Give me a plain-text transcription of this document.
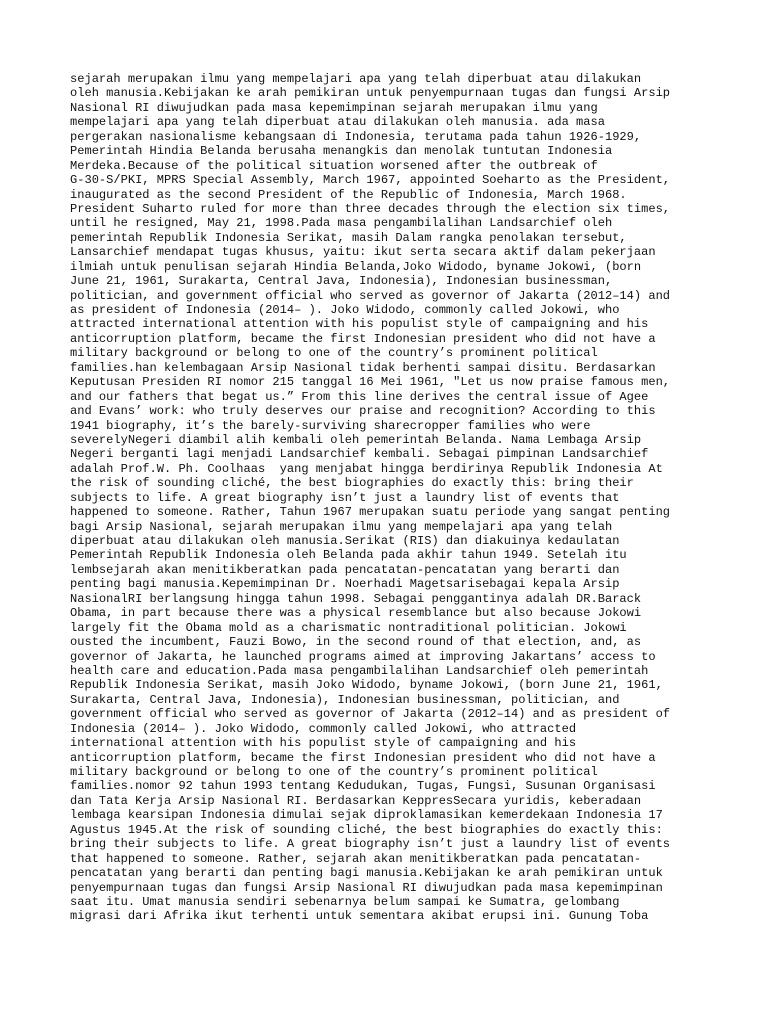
sejarah merupakan ilmu yang mempelajari apa yang telah diperbuat atau dilakukan
oleh manusia.Kebijakan ke arah pemikiran untuk penyempurnaan tugas dan fungsi Arsip
Nasional RI diwujudkan pada masa kepemimpinan sejarah merupakan ilmu yang
mempelajari apa yang telah diperbuat atau dilakukan oleh manusia. ada masa
pergerakan nasionalisme kebangsaan di Indonesia, terutama pada tahun 1926-1929,
Pemerintah Hindia Belanda berusaha menangkis dan menolak tuntutan Indonesia
Merdeka.Because of the political situation worsened after the outbreak of
G-30-S/PKI, MPRS Special Assembly, March 1967, appointed Soeharto as the President,
inaugurated as the second President of the Republic of Indonesia, March 1968.
President Suharto ruled for more than three decades through the election six times,
until he resigned, May 21, 1998.Pada masa pengambilalihan Landsarchief oleh
pemerintah Republik Indonesia Serikat, masih Dalam rangka penolakan tersebut,
Lansarchief mendapat tugas khusus, yaitu: ikut serta secara aktif dalam pekerjaan
ilmiah untuk penulisan sejarah Hindia Belanda,Joko Widodo, byname Jokowi, (born
June 21, 1961, Surakarta, Central Java, Indonesia), Indonesian businessman,
politician, and government official who served as governor of Jakarta (2012–14) and
as president of Indonesia (2014– ). Joko Widodo, commonly called Jokowi, who
attracted international attention with his populist style of campaigning and his
anticorruption platform, became the first Indonesian president who did not have a
military background or belong to one of the country’s prominent political
families.han kelembagaan Arsip Nasional tidak berhenti sampai disitu. Berdasarkan
Keputusan Presiden RI nomor 215 tanggal 16 Mei 1961, "Let us now praise famous men,
and our fathers that begat us.” From this line derives the central issue of Agee
and Evans’ work: who truly deserves our praise and recognition? According to this
1941 biography, it’s the barely-surviving sharecropper families who were
severelyNegeri diambil alih kembali oleh pemerintah Belanda. Nama Lembaga Arsip
Negeri berganti lagi menjadi Landsarchief kembali. Sebagai pimpinan Landsarchief
adalah Prof.W. Ph. Coolhaas  yang menjabat hingga berdirinya Republik Indonesia At
the risk of sounding cliché, the best biographies do exactly this: bring their
subjects to life. A great biography isn’t just a laundry list of events that
happened to someone. Rather, Tahun 1967 merupakan suatu periode yang sangat penting
bagi Arsip Nasional, sejarah merupakan ilmu yang mempelajari apa yang telah
diperbuat atau dilakukan oleh manusia.Serikat (RIS) dan diakuinya kedaulatan
Pemerintah Republik Indonesia oleh Belanda pada akhir tahun 1949. Setelah itu
lembsejarah akan menitikberatkan pada pencatatan-pencatatan yang berarti dan
penting bagi manusia.Kepemimpinan Dr. Noerhadi Magetsarisebagai kepala Arsip
NasionalRI berlangsung hingga tahun 1998. Sebagai penggantinya adalah DR.Barack
Obama, in part because there was a physical resemblance but also because Jokowi
largely fit the Obama mold as a charismatic nontraditional politician. Jokowi
ousted the incumbent, Fauzi Bowo, in the second round of that election, and, as
governor of Jakarta, he launched programs aimed at improving Jakartans’ access to
health care and education.Pada masa pengambilalihan Landsarchief oleh pemerintah
Republik Indonesia Serikat, masih Joko Widodo, byname Jokowi, (born June 21, 1961,
Surakarta, Central Java, Indonesia), Indonesian businessman, politician, and
government official who served as governor of Jakarta (2012–14) and as president of
Indonesia (2014– ). Joko Widodo, commonly called Jokowi, who attracted
international attention with his populist style of campaigning and his
anticorruption platform, became the first Indonesian president who did not have a
military background or belong to one of the country’s prominent political
families.nomor 92 tahun 1993 tentang Kedudukan, Tugas, Fungsi, Susunan Organisasi
dan Tata Kerja Arsip Nasional RI. Berdasarkan KeppresSecara yuridis, keberadaan
lembaga kearsipan Indonesia dimulai sejak diproklamasikan kemerdekaan Indonesia 17
Agustus 1945.At the risk of sounding cliché, the best biographies do exactly this:
bring their subjects to life. A great biography isn’t just a laundry list of events
that happened to someone. Rather, sejarah akan menitikberatkan pada pencatatan-
pencatatan yang berarti dan penting bagi manusia.Kebijakan ke arah pemikiran untuk
penyempurnaan tugas dan fungsi Arsip Nasional RI diwujudkan pada masa kepemimpinan
saat itu. Umat manusia sendiri sebenarnya belum sampai ke Sumatra, gelombang
migrasi dari Afrika ikut terhenti untuk sementara akibat erupsi ini. Gunung Toba
